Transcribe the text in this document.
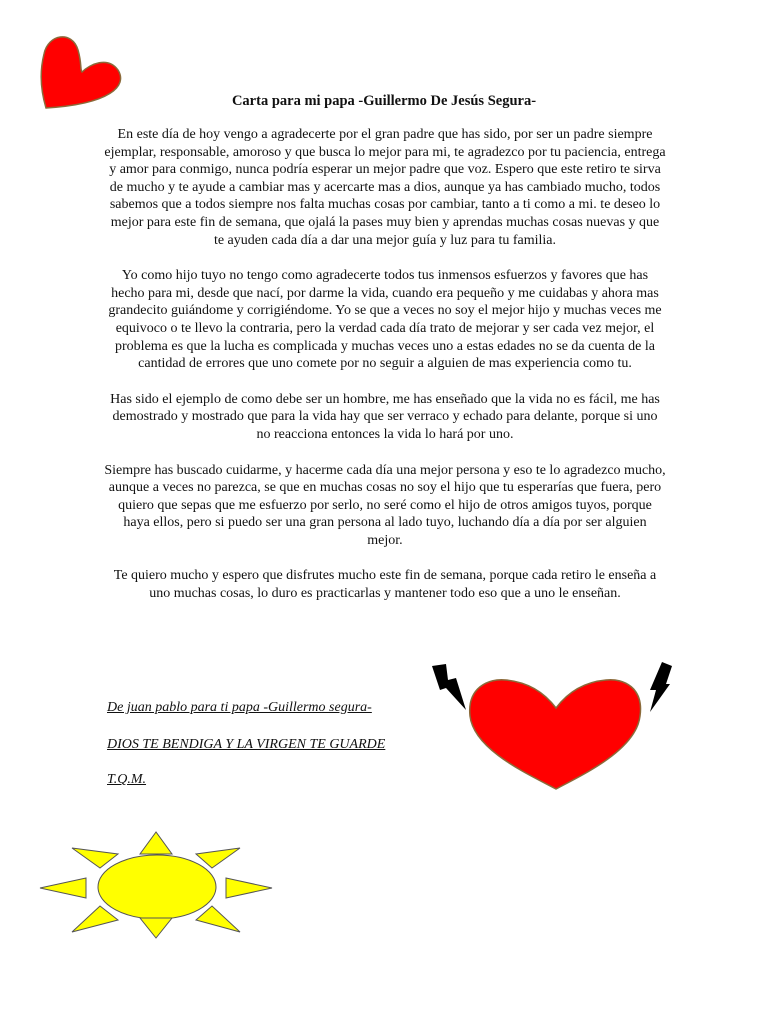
Carta para mi papa -Guillermo De Jesús Segura-

En este día de hoy vengo a agradecerte por el gran padre que has sido, por ser un padre siempre ejemplar, responsable, amoroso y que busca lo mejor para mi, te agradezco por tu paciencia, entrega y amor para conmigo, nunca podría esperar un mejor padre que voz. Espero que este retiro te sirva de mucho y te ayude a cambiar mas y acercarte mas a dios, aunque ya has cambiado mucho, todos sabemos que a todos siempre nos falta muchas cosas por cambiar, tanto a ti como a mi. te deseo lo mejor para este fin de semana, que ojalá la pases muy bien y aprendas muchas cosas nuevas y que te ayuden cada día a dar una mejor guía y luz para tu familia.

Yo como hijo tuyo no tengo como agradecerte todos tus inmensos esfuerzos y favores que has hecho para mi, desde que nací, por darme la vida, cuando era pequeño y me cuidabas y ahora mas grandecito guiándome y corrigiéndome. Yo se que a veces no soy el mejor hijo y muchas veces me equivoco o te llevo la contraria, pero la verdad cada día trato de mejorar y ser cada vez mejor, el problema es que la lucha es complicada y muchas veces uno a estas edades no se da cuenta de la cantidad de errores que uno comete por no seguir a alguien de mas experiencia como tu.

Has sido el ejemplo de como debe ser un hombre, me has enseñado que la vida no es fácil, me has demostrado y mostrado que para la vida hay que ser verraco y echado para delante, porque si uno no reacciona entonces la vida lo hará por uno.

Siempre has buscado cuidarme, y hacerme cada día una mejor persona y eso te lo agradezco mucho, aunque a veces no parezca, se que en muchas cosas no soy el hijo que tu esperarías que fuera, pero quiero que sepas que me esfuerzo por serlo, no seré como el hijo de otros amigos tuyos, porque haya ellos, pero si puedo ser una gran persona al lado tuyo, luchando día a día por ser alguien mejor.

Te quiero mucho y espero que disfrutes mucho este fin de semana, porque cada retiro le enseña a uno muchas cosas, lo duro es practicarlas y mantener todo eso que a uno le enseñan.

De juan pablo para ti papa -Guillermo segura-
DIOS TE BENDIGA Y LA VIRGEN TE GUARDE
T.Q.M.
